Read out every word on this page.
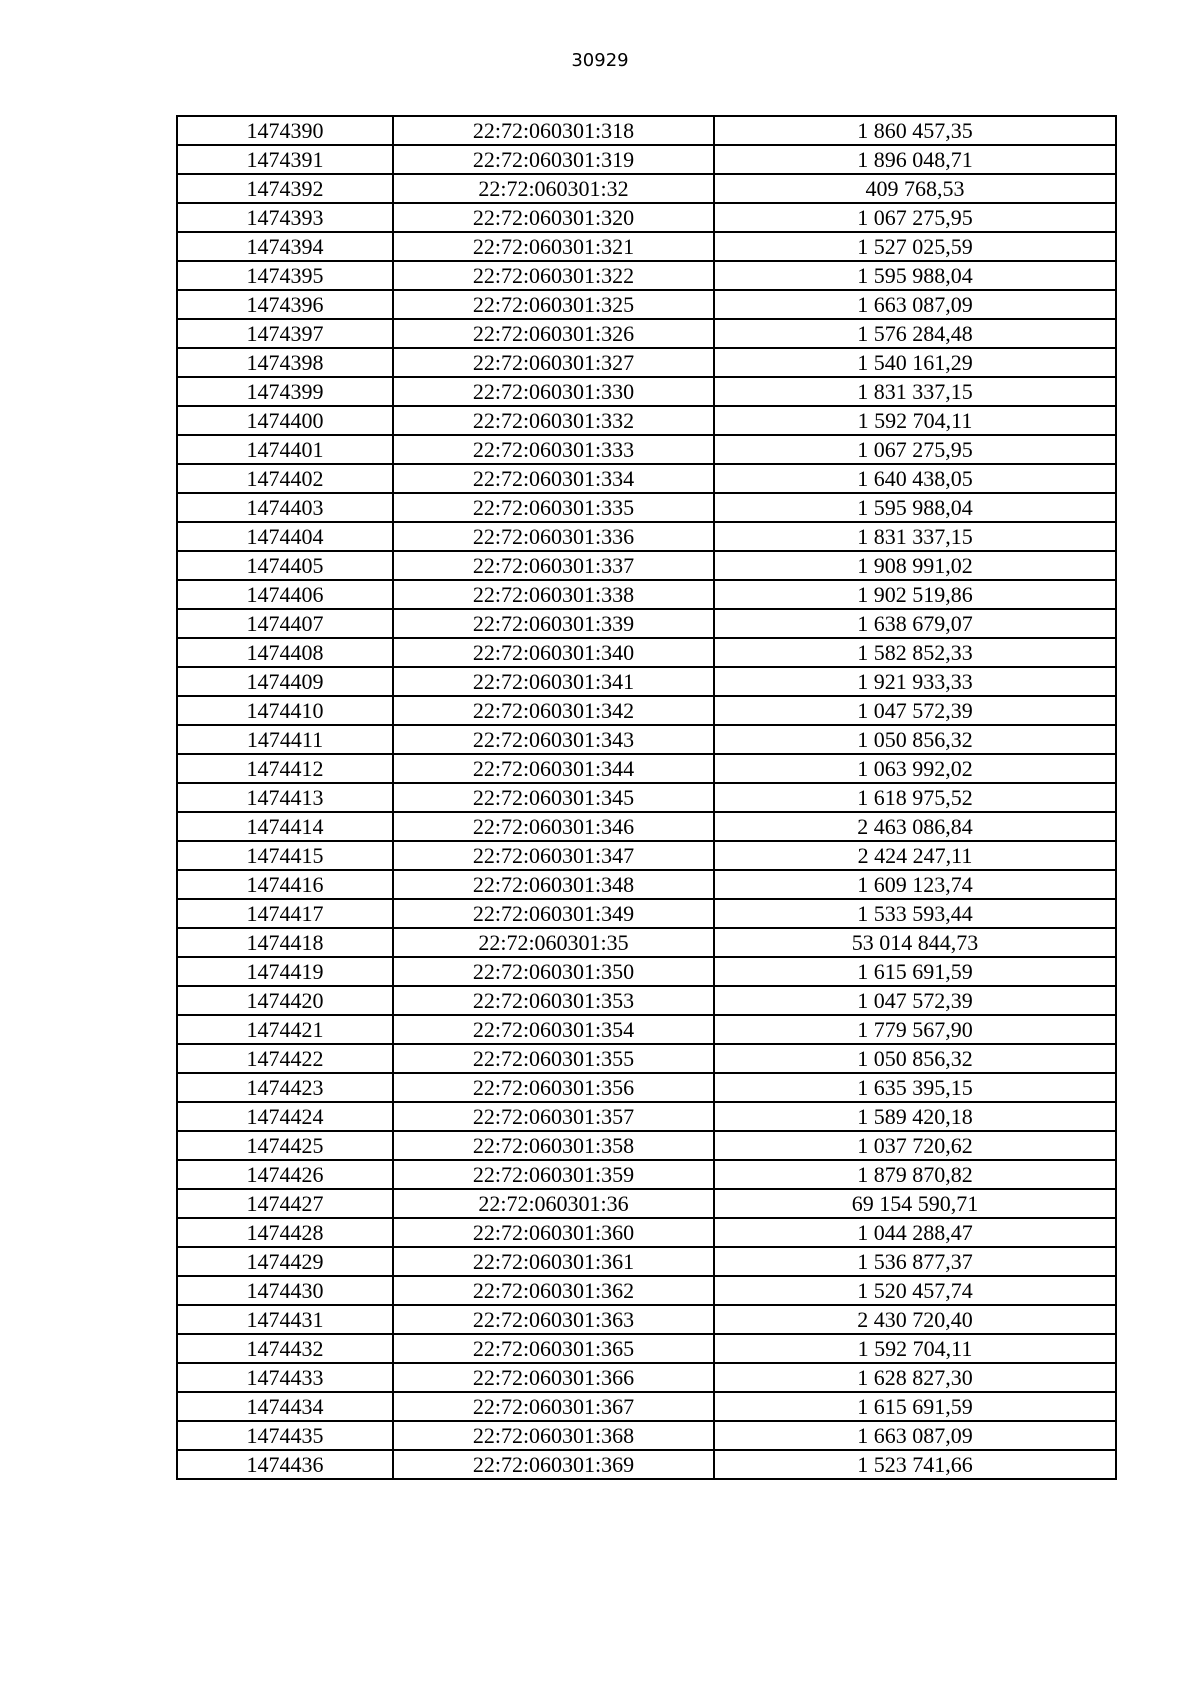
30929
1474390	22:72:060301:318	1 860 457,35
1474391	22:72:060301:319	1 896 048,71
1474392	22:72:060301:32	409 768,53
1474393	22:72:060301:320	1 067 275,95
1474394	22:72:060301:321	1 527 025,59
1474395	22:72:060301:322	1 595 988,04
1474396	22:72:060301:325	1 663 087,09
1474397	22:72:060301:326	1 576 284,48
1474398	22:72:060301:327	1 540 161,29
1474399	22:72:060301:330	1 831 337,15
1474400	22:72:060301:332	1 592 704,11
1474401	22:72:060301:333	1 067 275,95
1474402	22:72:060301:334	1 640 438,05
1474403	22:72:060301:335	1 595 988,04
1474404	22:72:060301:336	1 831 337,15
1474405	22:72:060301:337	1 908 991,02
1474406	22:72:060301:338	1 902 519,86
1474407	22:72:060301:339	1 638 679,07
1474408	22:72:060301:340	1 582 852,33
1474409	22:72:060301:341	1 921 933,33
1474410	22:72:060301:342	1 047 572,39
1474411	22:72:060301:343	1 050 856,32
1474412	22:72:060301:344	1 063 992,02
1474413	22:72:060301:345	1 618 975,52
1474414	22:72:060301:346	2 463 086,84
1474415	22:72:060301:347	2 424 247,11
1474416	22:72:060301:348	1 609 123,74
1474417	22:72:060301:349	1 533 593,44
1474418	22:72:060301:35	53 014 844,73
1474419	22:72:060301:350	1 615 691,59
1474420	22:72:060301:353	1 047 572,39
1474421	22:72:060301:354	1 779 567,90
1474422	22:72:060301:355	1 050 856,32
1474423	22:72:060301:356	1 635 395,15
1474424	22:72:060301:357	1 589 420,18
1474425	22:72:060301:358	1 037 720,62
1474426	22:72:060301:359	1 879 870,82
1474427	22:72:060301:36	69 154 590,71
1474428	22:72:060301:360	1 044 288,47
1474429	22:72:060301:361	1 536 877,37
1474430	22:72:060301:362	1 520 457,74
1474431	22:72:060301:363	2 430 720,40
1474432	22:72:060301:365	1 592 704,11
1474433	22:72:060301:366	1 628 827,30
1474434	22:72:060301:367	1 615 691,59
1474435	22:72:060301:368	1 663 087,09
1474436	22:72:060301:369	1 523 741,66
